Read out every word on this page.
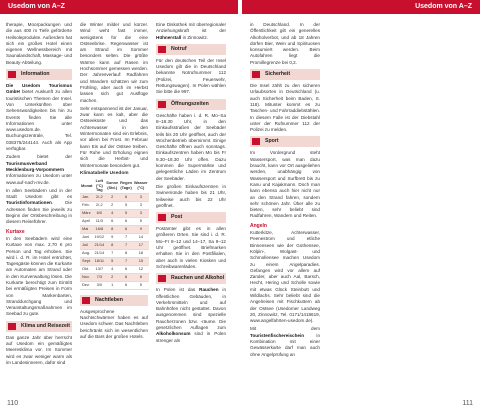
Usedom von A–Z

therapie, Moorpackungen und die aus 400 m Tiefe geförderte Heilsoleprodukte. Außerdem hat sich ein großes Hotel einen eigenen Wellnessbereich mit Saunalandschaft, Massage- und Beauty-Abteilung.

Information

Die Usedom Tourismus GmbH bietet Auskunft zu allen touristischen Themen der Insel. Von Unterkünften über Sehenswürdigkeiten bis hin zu Events finden Sie alle Informationen unter www.usedom.de. Buchungszentrale, Tel. 038375/244144. Auch als App verfügbar.

Zudem bietet der Tourismusverband Mecklenburg-Vorpommern Informationen zu Usedom unter www.auf-nach-mv.de.

In allen Seebädern und in der Stadt Usedom gibt es Touristinformationen. Die Adressen finden Sie jeweils zu Beginn der Ortsbeschreibung in diesem Reiseführer.

Kurtaxe

In den Seebädern wird eine Kurtaxe von max. 2,70 € pro Person und Tag erhoben. Sie wird i. d. R. im Hotel entrichtet, Tagesgäste können die Kurkarte am Automaten am Strand oder in den Kurverwaltung lösen. Die Kurkarte berechtigt zum Eintritt bei ermäßigten Preisen in Form von Markenbarten, Stranddurchgang und Veranstaltungsmaßnahmen im Seebad zu gute.

Klima und Reisezeit

Das ganze Jahr über herrscht auf Usedom ein gemäßigtes Meeresklima vor. Im Sommer wird es zwar weniger warm als im Landesinneren, dafür sind

die Winter milder und kürzer. Wind weht fast immer, wenigstens für die eine Ostseebrise. Regenwasser ist am Strand im Sommer besonders selten. Die größte Wärme kann auf Rasen im Hochsommer gemessen werden. Der Jahresverlauf: Radfahren und Wandern schätzen wir zum Frühling, aber auch im Herbst lassen sich gut Ausflüge machen.

Sehr entspannend ist der Januar, zwar kann es kalt, aber die Ostseeküste und das Achterwasser in den Wintermonaten sind ein Erlebnis, vor allem bei Frost. Im Februar kann Eis auf der Ostsee treiben. Für Ruhe und Erholung eignen sich die Herbst- und Wintermonate besonders gut.

Klimatabelle Usedom
Monat	Luft (°C) Tag	Sonne (Std.)	Regen (Tage)	Wasser (°C)
Jan.	2/-2	2	6	3
Feb.	2/-2	2	5	3
März	6/0	4	5	3
April	11/3	6	6	5
Mai	16/8	8	6	9
Juni	19/12	9	7	14
Juli	21/14	8	7	17
Aug.	21/14	7	8	18
Sept.	18/11	5	7	15
Okt.	13/7	4	6	12
Nov.	7/3	2	6	8
Dez.	3/0	1	6	5
Nachtleben

Ausgesprochene Nachtschwärmer haben es auf Usedom schwer. Das Nachtleben beschränkt sich im wesentlichen auf die Bars der großen Hotels.

Eine Diskothek mit überregionaler Anziehungskraft ist der Hühnerstall in Zinnowitz.

Notruf

Für den deutschen Teil der Insel Usedom gilt die in Deutschland bekannte Notrufnummer 112 (Polizei, Feuerwehr, Rettungswagen). In Polen wählen Sie bitte die 997.

Öffnungszeiten

Geschäfte haben i. d. R. Mo–Sa 8–18.30 Uhr, in den Einkaufsstraßen der Seebäder teils bis 20 Uhr geöffnet, auch der Wochenbetrieb übernimmt. Einige Geschäfte öffnen auch sonntags. Einkaufszentren haben Mo bis Fr 9.30–18.30 Uhr offen. Dazu kommen die Supermärkte und gelegentliche Läden im Zentrum der Seebäder.

Die großen Einkaufszentren in Swinemünde haben bis 21 Uhr, teilweise auch bis 22 Uhr geöffnet.

Post

Postämter gibt es in allen größeren Orten. Sie sind i. d. R. Mo–Fr 8–12 und 14–17, Sa 9–12 Uhr geöffnet. Briefmarken erhalten Sie in den Postfilialen, aber auch in vielen Kiosken und Schreibwarenläden.

Rauchen und Alkohol

In Polen ist das Rauchen in öffentlichen Gebäuden, in Verkehrsmitteln und auf Bahnhöfen nicht gestattet. Davon ausgenommen sind spezielle Raucherzonen bzw. -räume. Die gesetzlichen Auflagen zum Alkoholkonsum sind in Polen strenger als

110
Usedom von A–Z

in Deutschland. In der Öffentlichkeit gilt ein generelles Alkoholverbot, und ab 18 Jahren dürfen Bier, Wein und Spirituosen konsumiert werden. Beim Autofahren liegt die Promillegrenze bei 0,2.

Sicherheit

Die Insel zählt zu den sicheren Urlaubsorten in Deutschland (u. auch Sicherheit beim Baden, S. 118). Mitunter kommt es zu Taschen- und Fahrraddiebstählen. In diesem Falle ist der Diebstahl unter der Rufnummer 112 der Polizei zu melden.

Sport

Im Vordergrund steht Wassersport, was man dazu braucht, kann vor Ort ausgeliehen werden, unabhängig von Wassersport und Surfbrett bis zu Kanu und Kajakmann. Doch man kann ebenso auch hier nicht nur an den Strand fahren, sondern sehr schönen Jahr. Über alle zu bieten, sehr beliebt sind Radfahren, Wandern und Reiten.

Angeln

Kutterkitze, Achterwasser, Peenestrom und etliche Binnenseen wie der Gothensee, Kölpin-, Wolgast- und Schmollensee machen Usedom zu einem Angelparadies. Gefangen wird vor allem auf Zander, aber auch Aal, Barsch, Hecht, Hering und Scholle sowie mit etwas Glück Steinbutt und Wildlachs. Sehr beliebt sind die Angelreisen mit Fischkuttern ab der Ostsee (Usedomer Landweg 20, Zinnowitz, Tel. 0171/1418619, www.angelfahrten-usedom.de).

Mit dem Touristenfischereischein	in Kombination mit einer Gewässerkarte darf man auch ohne Angelprüfung an

111
